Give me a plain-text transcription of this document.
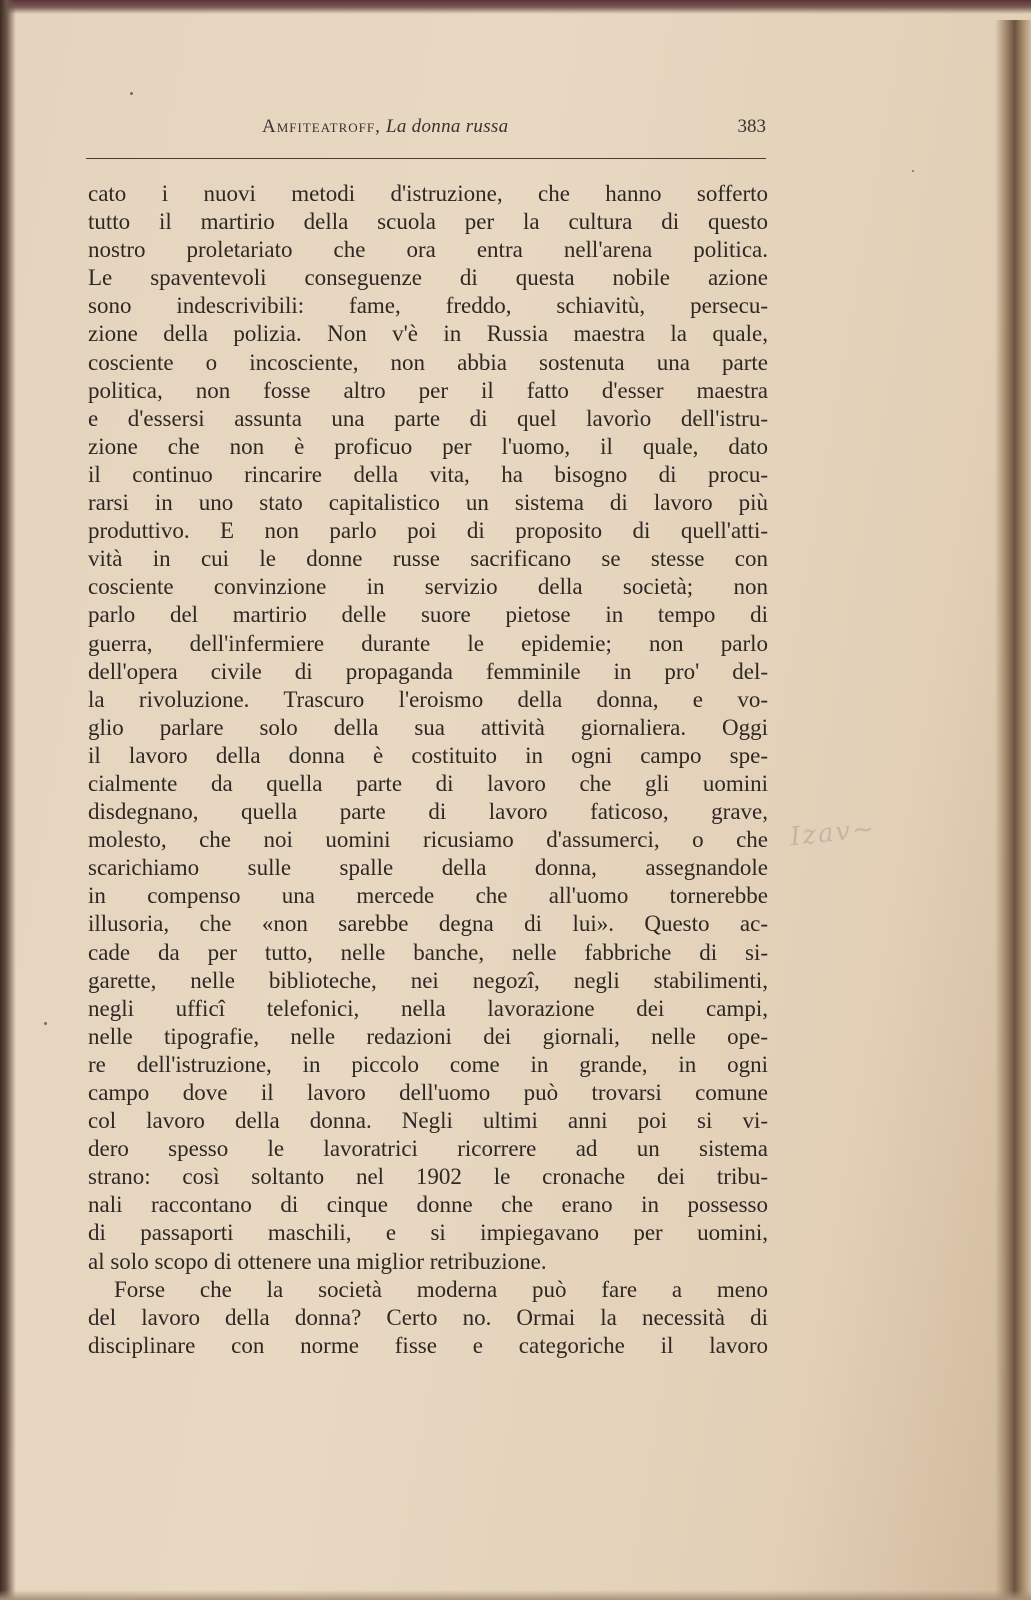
Amfiteatroff, La donna russa	383
cato i nuovi metodi d'istruzione, che hanno sofferto
tutto il martirio della scuola per la cultura di questo
nostro proletariato che ora entra nell'arena politica.
Le spaventevoli conseguenze di questa nobile azione
sono indescrivibili: fame, freddo, schiavitù, persecu-
zione della polizia. Non v'è in Russia maestra la quale,
cosciente o incosciente, non abbia sostenuta una parte
politica, non fosse altro per il fatto d'esser maestra
e d'essersi assunta una parte di quel lavorìo dell'istru-
zione che non è proficuo per l'uomo, il quale, dato
il continuo rincarire della vita, ha bisogno di procu-
rarsi in uno stato capitalistico un sistema di lavoro più
produttivo. E non parlo poi di proposito di quell'atti-
vità in cui le donne russe sacrificano se stesse con
cosciente convinzione in servizio della società; non
parlo del martirio delle suore pietose in tempo di
guerra, dell'infermiere durante le epidemie; non parlo
dell'opera civile di propaganda femminile in pro' del-
la rivoluzione. Trascuro l'eroismo della donna, e vo-
glio parlare solo della sua attività giornaliera. Oggi
il lavoro della donna è costituito in ogni campo spe-
cialmente da quella parte di lavoro che gli uomini
disdegnano, quella parte di lavoro faticoso, grave,
molesto, che noi uomini ricusiamo d'assumerci, o che
scarichiamo sulle spalle della donna, assegnandole
in compenso una mercede che all'uomo tornerebbe
illusoria, che «non sarebbe degna di lui». Questo ac-
cade da per tutto, nelle banche, nelle fabbriche di si-
garette, nelle biblioteche, nei negozî, negli stabilimenti,
negli ufficî telefonici, nella lavorazione dei campi,
nelle tipografie, nelle redazioni dei giornali, nelle ope-
re dell'istruzione, in piccolo come in grande, in ogni
campo dove il lavoro dell'uomo può trovarsi comune
col lavoro della donna. Negli ultimi anni poi si vi-
dero spesso le lavoratrici ricorrere ad un sistema
strano: così soltanto nel 1902 le cronache dei tribu-
nali raccontano di cinque donne che erano in possesso
di passaporti maschili, e si impiegavano per uomini,
al solo scopo di ottenere una miglior retribuzione.
Forse che la società moderna può fare a meno
del lavoro della donna? Certo no. Ormai la necessità di
disciplinare con norme fisse e categoriche il lavoro
Izav~
